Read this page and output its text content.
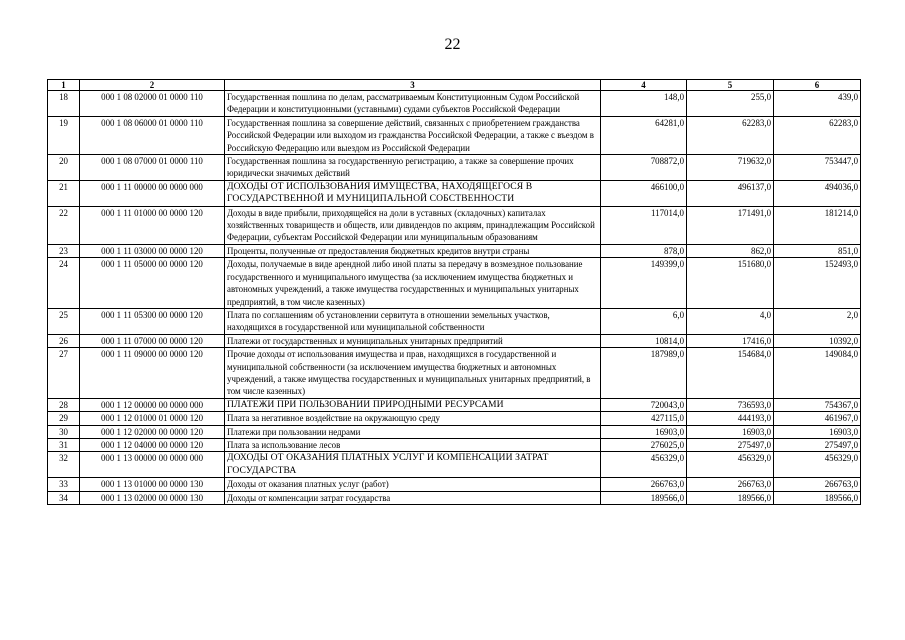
22
1	2	3	4	5	6
18	000 1 08 02000 01 0000 110	Государственная пошлина по делам, рассматриваемым Конституционным Судом Российской Федерации и конституционными (уставными) судами субъектов Российской Федерации	148,0	255,0	439,0
19	000 1 08 06000 01 0000 110	Государственная пошлина за совершение действий, связанных с приобретением гражданства Российской Федерации или выходом из гражданства Российской Федерации, а также с въездом в Российскую Федерацию или выездом из Российской Федерации	64281,0	62283,0	62283,0
20	000 1 08 07000 01 0000 110	Государственная пошлина за государственную регистрацию, а также за совершение прочих юридически значимых действий	708872,0	719632,0	753447,0
21	000 1 11 00000 00 0000 000	ДОХОДЫ ОТ ИСПОЛЬЗОВАНИЯ ИМУЩЕСТВА, НАХОДЯЩЕГОСЯ В ГОСУДАРСТВЕННОЙ И МУНИЦИПАЛЬНОЙ СОБСТВЕННОСТИ	466100,0	496137,0	494036,0
22	000 1 11 01000 00 0000 120	Доходы в виде прибыли, приходящейся на доли в уставных (складочных) капиталах хозяйственных товариществ и обществ, или дивидендов по акциям, принадлежащим Российской Федерации, субъектам Российской Федерации или муниципальным образованиям	117014,0	171491,0	181214,0
23	000 1 11 03000 00 0000 120	Проценты, полученные от предоставления бюджетных кредитов внутри страны	878,0	862,0	851,0
24	000 1 11 05000 00 0000 120	Доходы, получаемые в виде арендной либо иной платы за передачу в возмездное пользование государственного и муниципального имущества (за исключением имущества бюджетных и автономных учреждений, а также имущества государственных и муниципальных унитарных предприятий, в том числе казенных)	149399,0	151680,0	152493,0
25	000 1 11 05300 00 0000 120	Плата по соглашениям об установлении сервитута в отношении земельных участков, находящихся в государственной или муниципальной собственности	6,0	4,0	2,0
26	000 1 11 07000 00 0000 120	Платежи от государственных и муниципальных унитарных предприятий	10814,0	17416,0	10392,0
27	000 1 11 09000 00 0000 120	Прочие доходы от использования имущества и прав, находящихся в государственной и муниципальной собственности (за исключением имущества бюджетных и автономных учреждений, а также имущества государственных и муниципальных унитарных предприятий, в том числе казенных)	187989,0	154684,0	149084,0
28	000 1 12 00000 00 0000 000	ПЛАТЕЖИ ПРИ ПОЛЬЗОВАНИИ ПРИРОДНЫМИ РЕСУРСАМИ	720043,0	736593,0	754367,0
29	000 1 12 01000 01 0000 120	Плата за негативное воздействие на окружающую среду	427115,0	444193,0	461967,0
30	000 1 12 02000 00 0000 120	Платежи при пользовании недрами	16903,0	16903,0	16903,0
31	000 1 12 04000 00 0000 120	Плата за использование лесов	276025,0	275497,0	275497,0
32	000 1 13 00000 00 0000 000	ДОХОДЫ ОТ ОКАЗАНИЯ ПЛАТНЫХ УСЛУГ И КОМПЕНСАЦИИ ЗАТРАТ ГОСУДАРСТВА	456329,0	456329,0	456329,0
33	000 1 13 01000 00 0000 130	Доходы от оказания платных услуг (работ)	266763,0	266763,0	266763,0
34	000 1 13 02000 00 0000 130	Доходы от компенсации затрат государства	189566,0	189566,0	189566,0
